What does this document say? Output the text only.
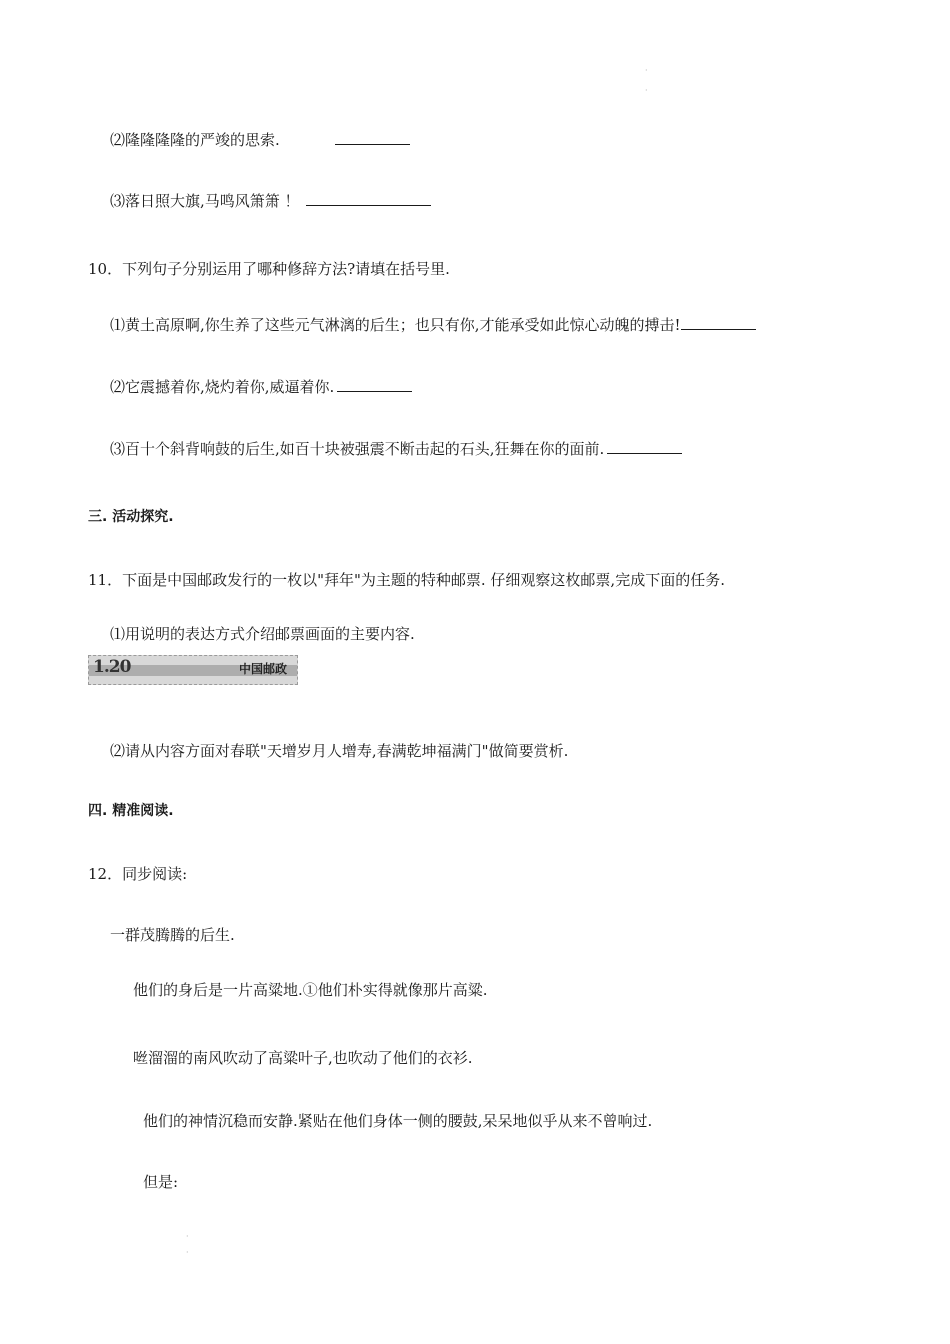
·
·
⑵隆隆隆隆的严竣的思索.
⑶落日照大旗,马鸣风箫箫 ！
10．下列句子分别运用了哪种修辞方法?请填在括号里.
⑴黄土高原啊,你生养了这些元气淋漓的后生；也只有你,才能承受如此惊心动魄的搏击!
⑵它震撼着你,烧灼着你,威逼着你.
⑶百十个斜背响鼓的后生,如百十块被强震不断击起的石头,狂舞在你的面前.
三. 活动探究.
11．下面是中国邮政发行的一枚以"拜年"为主题的特种邮票. 仔细观察这枚邮票,完成下面的任务.
⑴用说明的表达方式介绍邮票画面的主要内容.
1.20	中国邮政
⑵请从内容方面对春联"天增岁月人增寿,春满乾坤福满门"做简要赏析.
四. 精准阅读.
12．同步阅读:
一群茂腾腾的后生.
他们的身后是一片高粱地.①他们朴实得就像那片高粱.
咝溜溜的南风吹动了高粱叶子,也吹动了他们的衣衫.
他们的神情沉稳而安静.紧贴在他们身体一侧的腰鼓,呆呆地似乎从来不曾响过.
但是:
·
·
